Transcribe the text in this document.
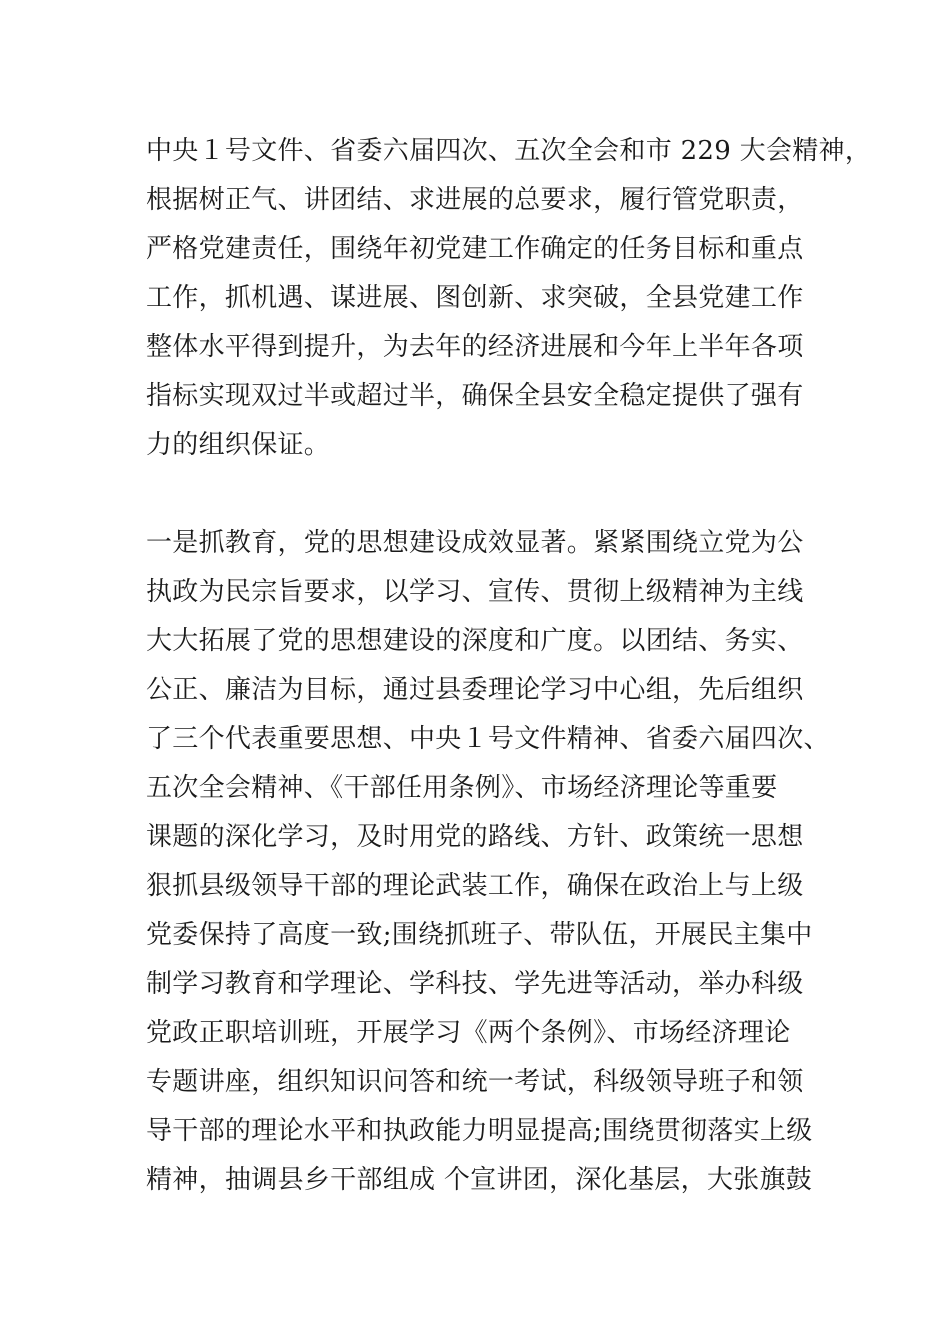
中央１号文件、省委六届四次、五次全会和市 229 大会精神，
根据树正气、讲团结、求进展的总要求，履行管党职责，
严格党建责任，围绕年初党建工作确定的任务目标和重点
工作，抓机遇、谋进展、图创新、求突破，全县党建工作
整体水平得到提升，为去年的经济进展和今年上半年各项
指标实现双过半或超过半，确保全县安全稳定提供了强有
力的组织保证。
一是抓教育，党的思想建设成效显著。紧紧围绕立党为公
执政为民宗旨要求，以学习、宣传、贯彻上级精神为主线
大大拓展了党的思想建设的深度和广度。以团结、务实、
公正、廉洁为目标，通过县委理论学习中心组，先后组织
了三个代表重要思想、中央１号文件精神、省委六届四次、
五次全会精神、《干部任用条例》、市场经济理论等重要
课题的深化学习，及时用党的路线、方针、政策统一思想
狠抓县级领导干部的理论武装工作，确保在政治上与上级
党委保持了高度一致;围绕抓班子、带队伍，开展民主集中
制学习教育和学理论、学科技、学先进等活动，举办科级
党政正职培训班，开展学习《两个条例》、市场经济理论
专题讲座，组织知识问答和统一考试，科级领导班子和领
导干部的理论水平和执政能力明显提高;围绕贯彻落实上级
精神，抽调县乡干部组成 个宣讲团，深化基层，大张旗鼓
